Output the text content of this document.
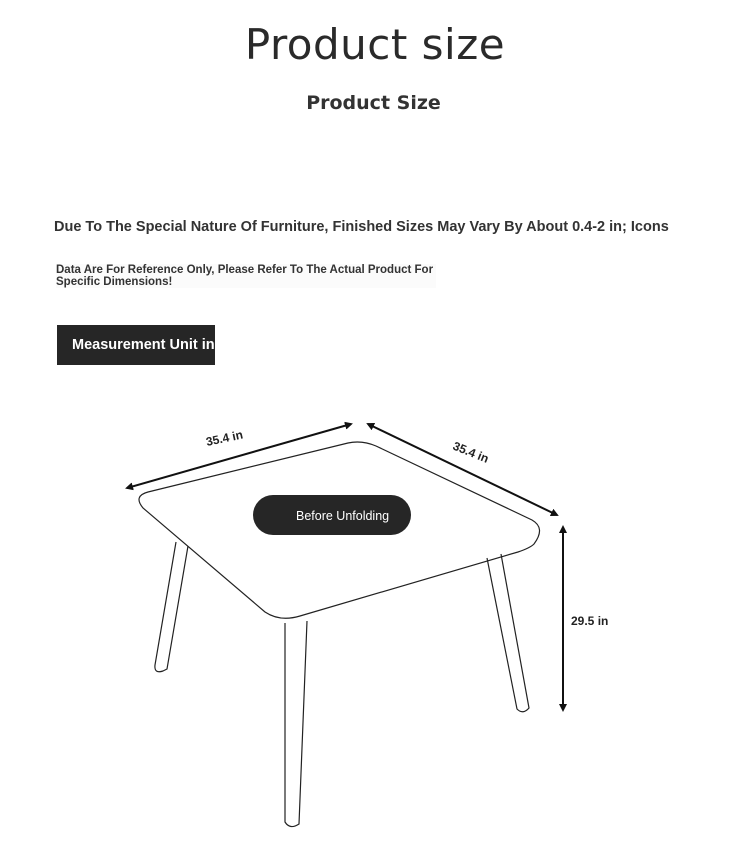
Product size
Product Size
Due To The Special Nature Of Furniture, Finished Sizes May Vary By About 0.4-2 in; Icons
Data Are For Reference Only, Please Refer To The Actual Product For Specific Dimensions!
Measurement Unit in
35.4 in
35.4 in
29.5 in
Before Unfolding
